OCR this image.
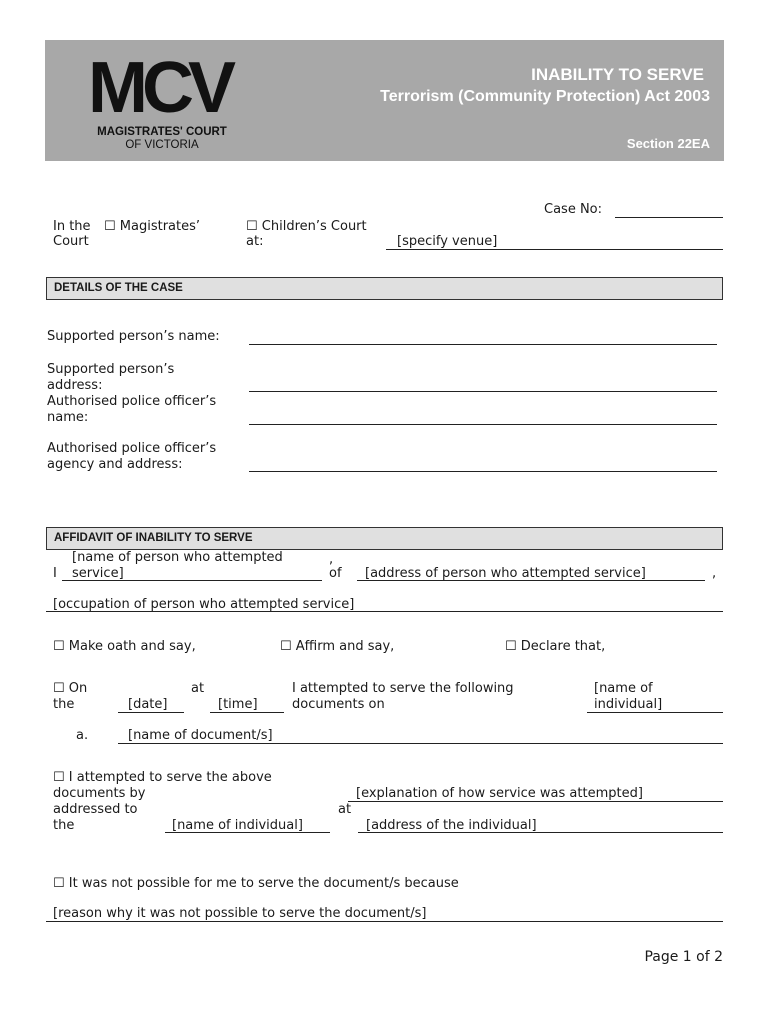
MCV
MAGISTRATES' COURT
OF VICTORIA
INABILITY TO SERVE
Terrorism (Community Protection) Act 2003
Section 22EA
Case No:
In the
Court
☐ Magistrates’	☐ Children’s Court
at:	[specify venue]
DETAILS OF THE CASE
Supported person’s name:
Supported person’s address:
Authorised police officer’s name:
Authorised police officer’s agency and address:
AFFIDAVIT OF INABILITY TO SERVE
I
[name of person who attempted service]
,
of [address of person who attempted service]	,
[occupation of person who attempted service]
☐ Make oath and say,	☐ Affirm and say,	☐ Declare that,
☐ On the	[date]
at
[time]
I attempted to serve the following documents on
[name of individual]
a.	[name of document/s]
☐ I attempted to serve the above documents by	[explanation of how service was attempted]
addressed to the	[name of individual]
at
[address of the individual]
☐ It was not possible for me to serve the document/s because
[reason why it was not possible to serve the document/s]
Page 1 of 2
